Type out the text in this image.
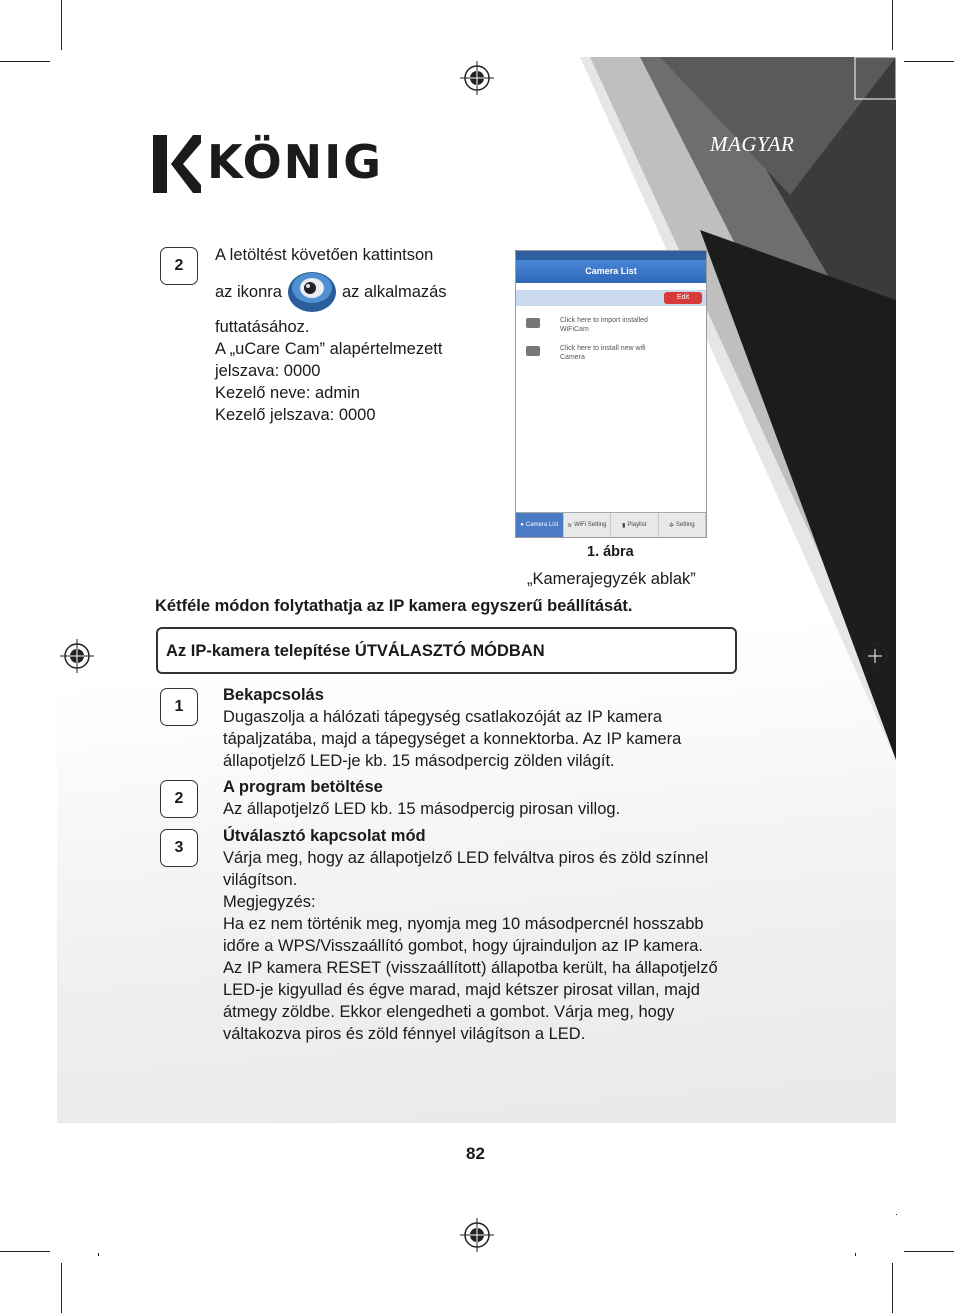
MAGYAR
KÖNIG
2
A letöltést követően kattintson
az ikonra	az alkalmazás
futtatásához.
A „uCare Cam” alapértelmezett
jelszava: 0000
Kezelő neve: admin
Kezelő jelszava: 0000
Camera List
Edit
Click here to import installed WiFiCam
Click here to install new wifi Camera
● Camera List ≋ WiFi Setting	▮ Playlist	✲ Setting
1. ábra
„Kamerajegyzék ablak”
Kétféle módon folytathatja az IP kamera egyszerű beállítását.
Az IP-kamera telepítése ÚTVÁLASZTÓ MÓDBAN
1
Bekapcsolás
Dugaszolja a hálózati tápegység csatlakozóját az IP kamera
tápaljzatába, majd a tápegységet a konnektorba. Az IP kamera
állapotjelző LED-je kb. 15 másodpercig zölden világít.
2
A program betöltése
Az állapotjelző LED kb. 15 másodpercig pirosan villog.
3
Útválasztó kapcsolat mód
Várja meg, hogy az állapotjelző LED felváltva piros és zöld színnel
világítson.
Megjegyzés:
Ha ez nem történik meg, nyomja meg 10 másodpercnél hosszabb
időre a WPS/Visszaállító gombot, hogy újrainduljon az IP kamera.
Az IP kamera RESET (visszaállított) állapotba került, ha állapotjelző
LED-je kigyullad és égve marad, majd kétszer pirosat villan, majd
átmegy zöldbe. Ekkor elengedheti a gombot. Várja meg, hogy
váltakozva piros és zöld fénnyel világítson a LED.
82
